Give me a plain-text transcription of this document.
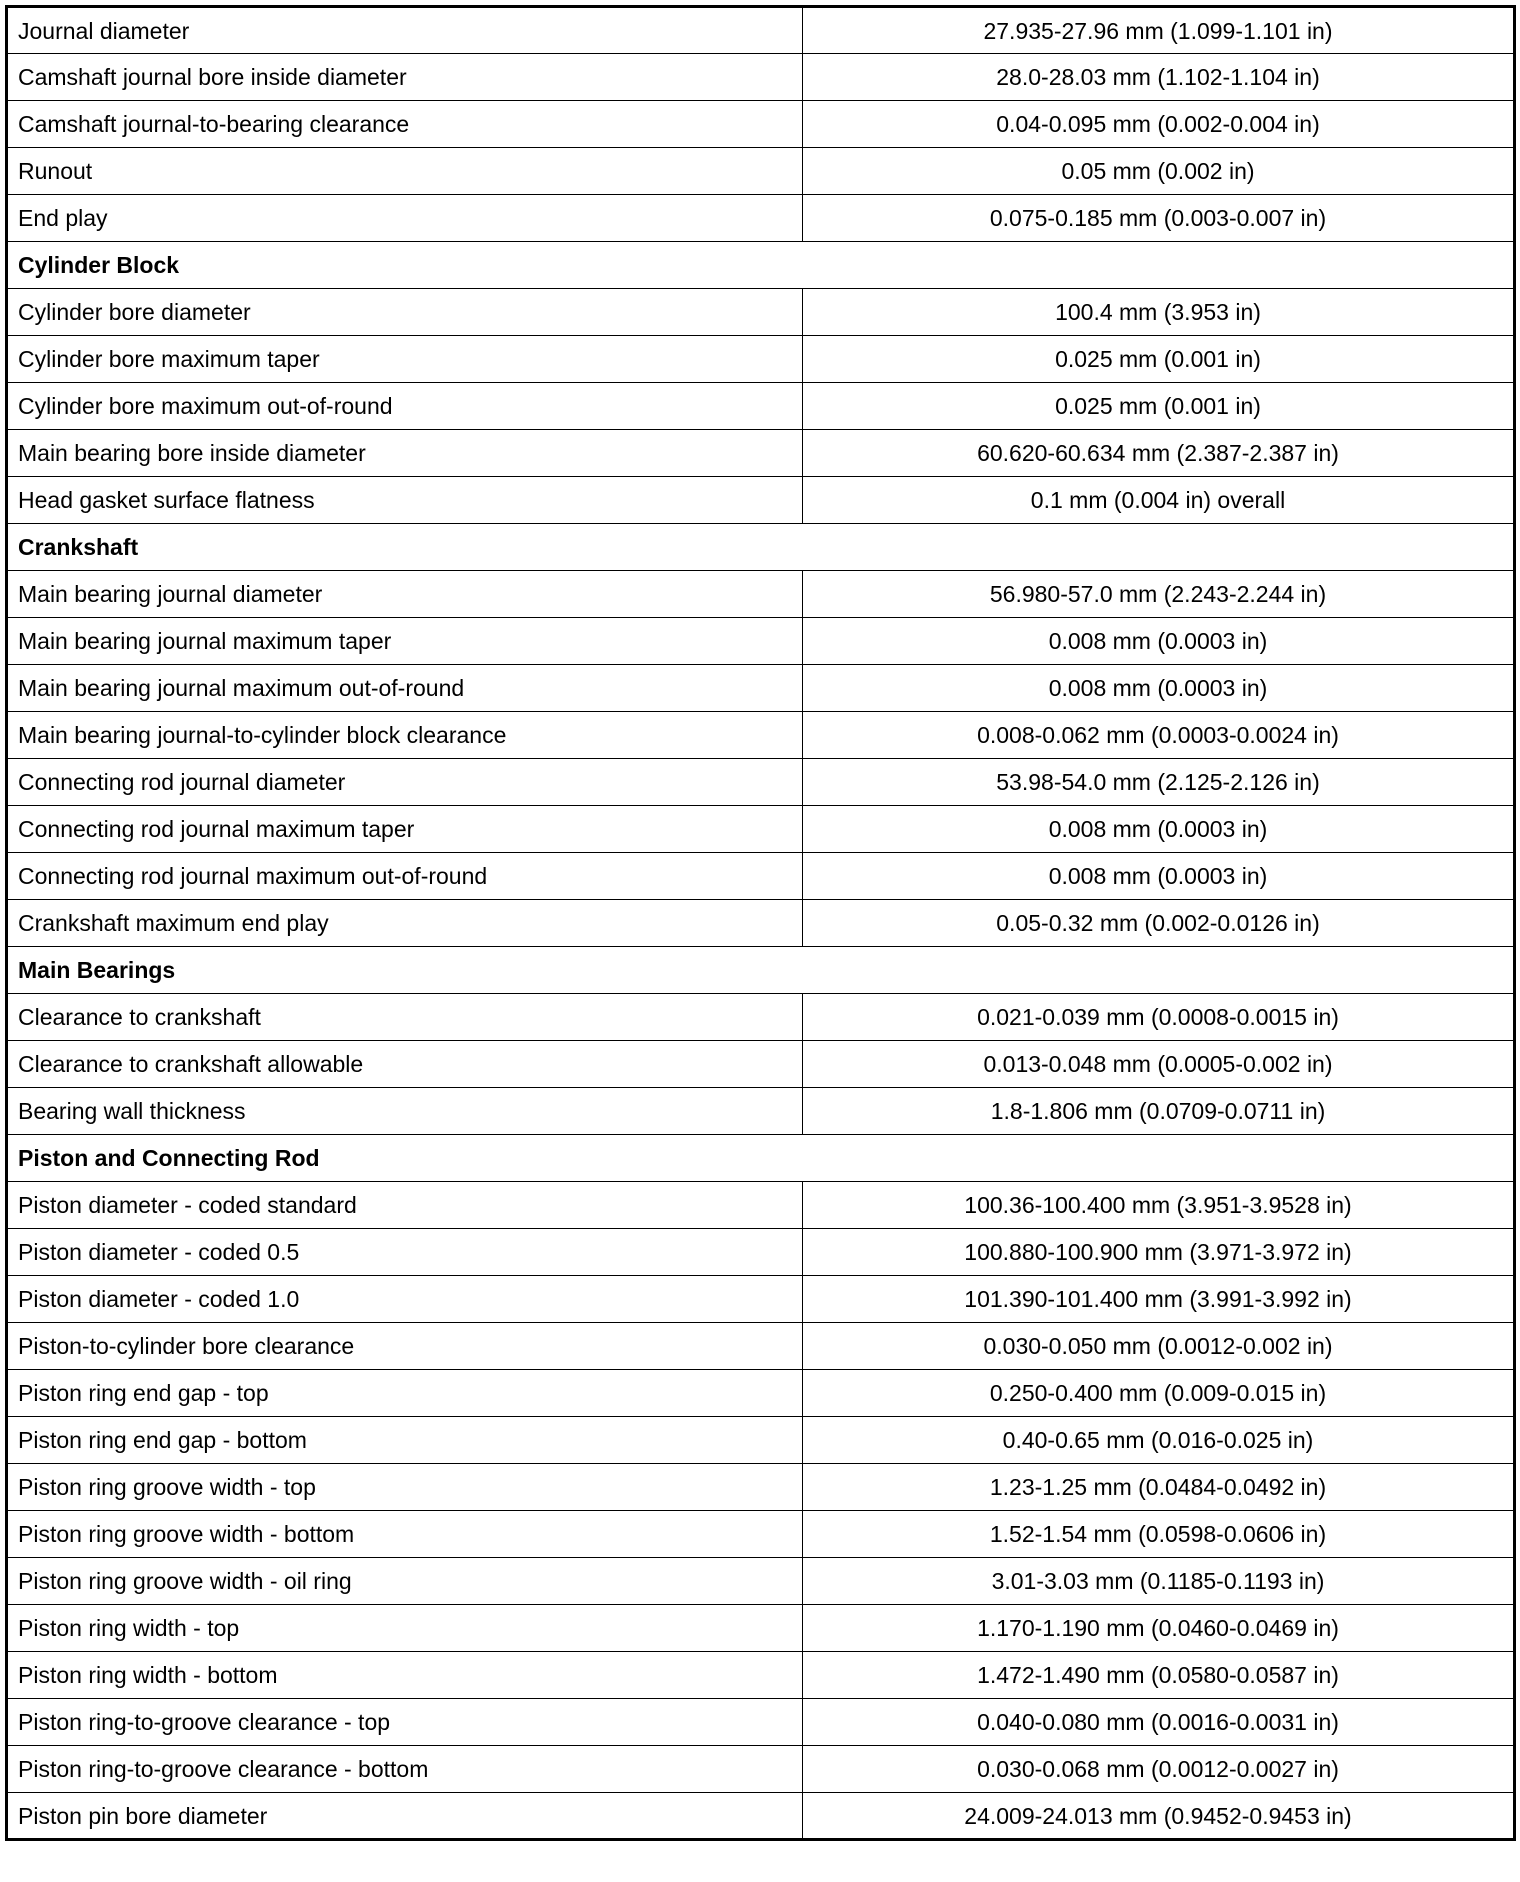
Journal diameter	27.935-27.96 mm (1.099-1.101 in)
Camshaft journal bore inside diameter	28.0-28.03 mm (1.102-1.104 in)
Camshaft journal-to-bearing clearance	0.04-0.095 mm (0.002-0.004 in)
Runout	0.05 mm (0.002 in)
End play	0.075-0.185 mm (0.003-0.007 in)
Cylinder Block	
Cylinder bore diameter	100.4 mm (3.953 in)
Cylinder bore maximum taper	0.025 mm (0.001 in)
Cylinder bore maximum out-of-round	0.025 mm (0.001 in)
Main bearing bore inside diameter	60.620-60.634 mm (2.387-2.387 in)
Head gasket surface flatness	0.1 mm (0.004 in) overall
Crankshaft	
Main bearing journal diameter	56.980-57.0 mm (2.243-2.244 in)
Main bearing journal maximum taper	0.008 mm (0.0003 in)
Main bearing journal maximum out-of-round	0.008 mm (0.0003 in)
Main bearing journal-to-cylinder block clearance	0.008-0.062 mm (0.0003-0.0024 in)
Connecting rod journal diameter	53.98-54.0 mm (2.125-2.126 in)
Connecting rod journal maximum taper	0.008 mm (0.0003 in)
Connecting rod journal maximum out-of-round	0.008 mm (0.0003 in)
Crankshaft maximum end play	0.05-0.32 mm (0.002-0.0126 in)
Main Bearings	
Clearance to crankshaft	0.021-0.039 mm (0.0008-0.0015 in)
Clearance to crankshaft allowable	0.013-0.048 mm (0.0005-0.002 in)
Bearing wall thickness	1.8-1.806 mm (0.0709-0.0711 in)
Piston and Connecting Rod	
Piston diameter - coded standard	100.36-100.400 mm (3.951-3.9528 in)
Piston diameter - coded 0.5	100.880-100.900 mm (3.971-3.972 in)
Piston diameter - coded 1.0	101.390-101.400 mm (3.991-3.992 in)
Piston-to-cylinder bore clearance	0.030-0.050 mm (0.0012-0.002 in)
Piston ring end gap - top	0.250-0.400 mm (0.009-0.015 in)
Piston ring end gap - bottom	0.40-0.65 mm (0.016-0.025 in)
Piston ring groove width - top	1.23-1.25 mm (0.0484-0.0492 in)
Piston ring groove width - bottom	1.52-1.54 mm (0.0598-0.0606 in)
Piston ring groove width - oil ring	3.01-3.03 mm (0.1185-0.1193 in)
Piston ring width - top	1.170-1.190 mm (0.0460-0.0469 in)
Piston ring width - bottom	1.472-1.490 mm (0.0580-0.0587 in)
Piston ring-to-groove clearance - top	0.040-0.080 mm (0.0016-0.0031 in)
Piston ring-to-groove clearance - bottom	0.030-0.068 mm (0.0012-0.0027 in)
Piston pin bore diameter	24.009-24.013 mm (0.9452-0.9453 in)
